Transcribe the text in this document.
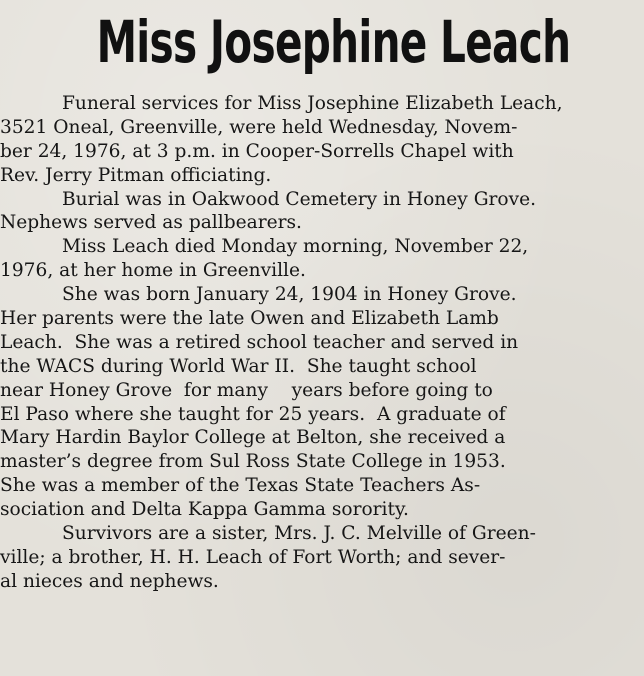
Miss Josephine Leach
Funeral services for Miss Josephine Elizabeth Leach,
3521 Oneal, Greenville, were held Wednesday, Novem-
ber 24, 1976, at 3 p.m. in Cooper-Sorrells Chapel with
Rev. Jerry Pitman officiating.
Burial was in Oakwood Cemetery in Honey Grove.
Nephews served as pallbearers.
Miss Leach died Monday morning, November 22,
1976, at her home in Greenville.
She was born January 24, 1904 in Honey Grove.
Her parents were the late Owen and Elizabeth Lamb
Leach.  She was a retired school teacher and served in
the WACS during World War II.  She taught school
near Honey Grove  for many    years before going to
El Paso where she taught for 25 years.  A graduate of
Mary Hardin Baylor College at Belton, she received a
master’s degree from Sul Ross State College in 1953.
She was a member of the Texas State Teachers As-
sociation and Delta Kappa Gamma sorority.
Survivors are a sister, Mrs. J. C. Melville of Green-
ville; a brother, H. H. Leach of Fort Worth; and sever-
al nieces and nephews.
